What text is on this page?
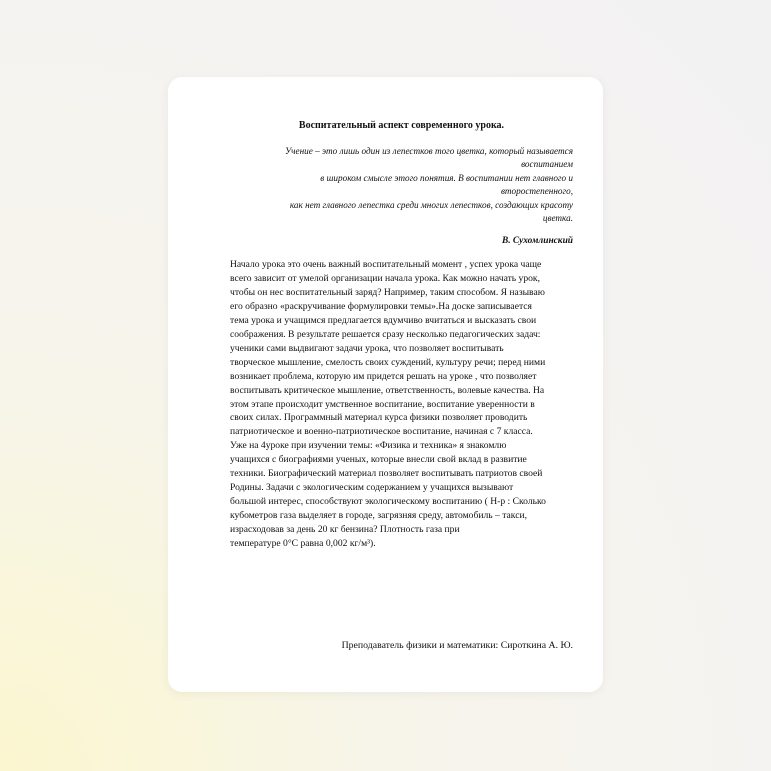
Воспитательный аспект современного урока.
Учение – это лишь один из лепестков того цветка, который называется
воспитанием
в широком смысле этого понятия. В воспитании нет главного и
второстепенного,
как нет главного лепестка среди многих лепестков, создающих красоту
цветка.
В. Сухомлинский
Начало урока это очень важный воспитательный момент , успех урока чаще
всего зависит от умелой организации начала урока. Как можно начать урок,
чтобы он нес воспитательный заряд? Например, таким способом. Я называю
его образно «раскручивание формулировки темы».На доске записывается
тема урока и учащимся предлагается вдумчиво вчитаться и высказать свои
соображения. В результате решается сразу несколько педагогических задач:
ученики сами выдвигают задачи урока, что позволяет воспитывать
творческое мышление, смелость своих суждений, культуру речи; перед ними
возникает проблема, которую им придется решать на уроке , что позволяет
воспитывать критическое мышление, ответственность, волевые качества. На
этом этапе происходит умственное воспитание, воспитание уверенности в
своих силах. Программный материал курса физики позволяет проводить
патриотическое и военно-патриотическое воспитание, начиная с 7 класса.
Уже на 4уроке при изучении темы: «Физика и техника» я знакомлю
учащихся с биографиями ученых, которые внесли свой вклад в развитие
техники. Биографический материал позволяет воспитывать патриотов своей
Родины. Задачи с экологическим содержанием у учащихся вызывают
большой интерес, способствуют экологическому воспитанию ( Н-р : Сколько
кубометров газа выделяет в городе, загрязняя среду, автомобиль – такси,
израсходовав за день 20 кг бензина? Плотность газа при
температуре 0°С равна 0,002 кг/м³).
Преподаватель физики и математики: Сироткина А. Ю.
